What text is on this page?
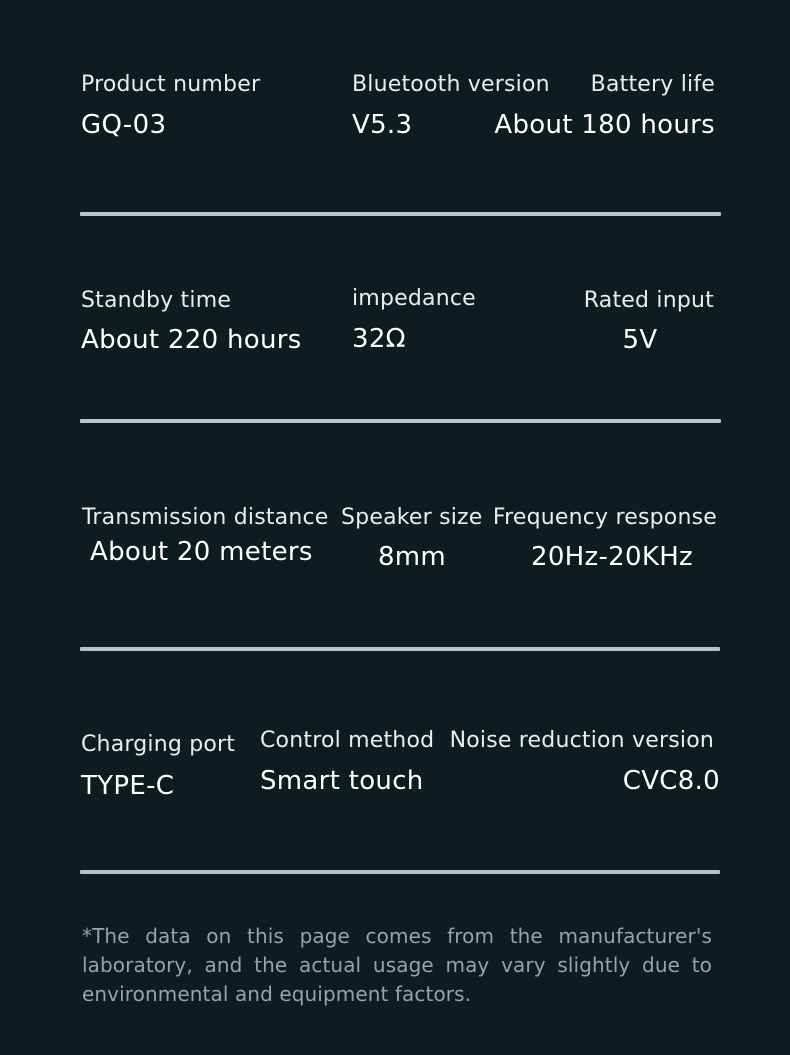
Product number
GQ-03
Bluetooth version
V5.3
Battery life
About 180 hours
Standby time
About 220 hours
impedance
32Ω
Rated input
5V
Transmission distance
About 20 meters
Speaker size
8mm
Frequency response
20Hz-20KHz
Charging port
TYPE-C
Control method
Smart touch
Noise reduction version
CVC8.0
*The data on this page comes from the manufacturer's laboratory, and the actual usage may vary slightly due to environmental and equipment factors.
